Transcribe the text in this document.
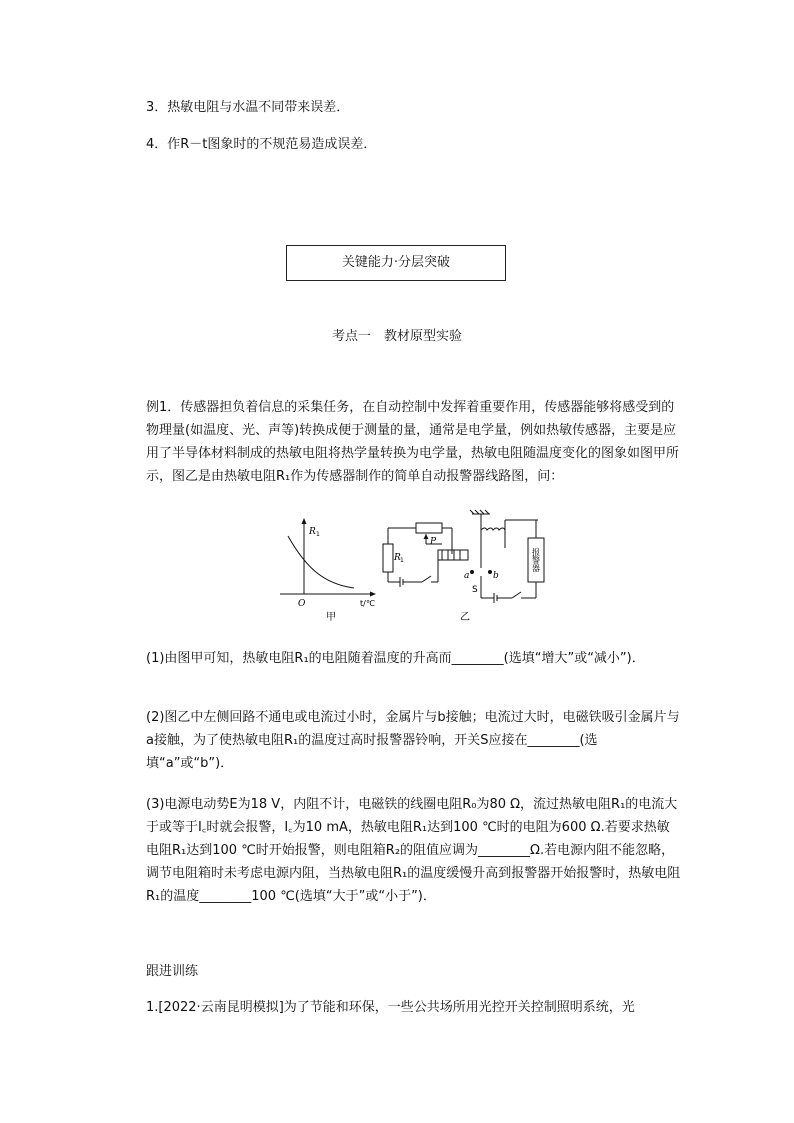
3．热敏电阻与水温不同带来误差．
4．作R－t图象时的不规范易造成误差．
关键能力·分层突破
考点一　教材原型实验
例1．传感器担负着信息的采集任务，在自动控制中发挥着重要作用，传感器能够将感受到的物理量(如温度、光、声等)转换成便于测量的量，通常是电学量，例如热敏传感器，主要是应用了半导体材料制成的热敏电阻将热学量转换为电学量，热敏电阻随温度变化的图象如图甲所示，图乙是由热敏电阻R₁作为传感器制作的简单自动报警器线路图，问：
R 1
O	t/℃
甲
R 1
P
a	b
S
乙
报警器
(1)由图甲可知，热敏电阻R₁的电阻随着温度的升高而________(选填“增大”或“减小”)．
(2)图乙中左侧回路不通电或电流过小时，金属片与b接触；电流过大时，电磁铁吸引金属片与a接触，为了使热敏电阻R₁的温度过高时报警器铃响，开关S应接在________(选填“a”或“b”)．
(3)电源电动势E为18 V，内阻不计，电磁铁的线圈电阻R₀为80 Ω，流过热敏电阻R₁的电流大于或等于I꜀时就会报警，I꜀为10 mA，热敏电阻R₁达到100 ℃时的电阻为600 Ω.若要求热敏电阻R₁达到100 ℃时开始报警，则电阻箱R₂的阻值应调为________Ω.若电源内阻不能忽略，调节电阻箱时未考虑电源内阻，当热敏电阻R₁的温度缓慢升高到报警器开始报警时，热敏电阻R₁的温度________100 ℃(选填“大于”或“小于”)．
跟进训练
1.[2022·云南昆明模拟]为了节能和环保，一些公共场所用光控开关控制照明系统，光
